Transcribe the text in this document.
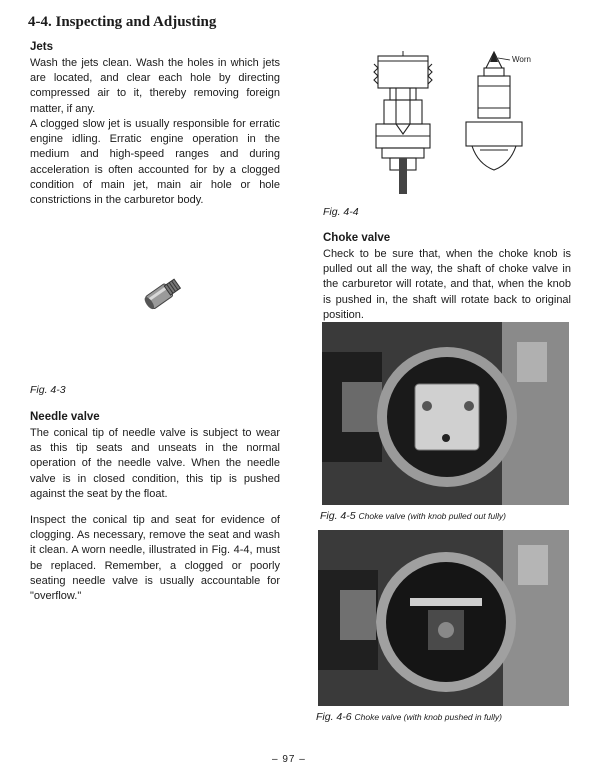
4-4. Inspecting and Adjusting
Jets
Wash the jets clean. Wash the holes in which jets are located, and clear each hole by directing compressed air to it, thereby removing foreign matter, if any.
A clogged slow jet is usually responsible for erratic engine idling. Erratic engine operation in the medium and high-speed ranges and during acceleration is often accounted for by a clogged condition of main jet, main air hole or hole constrictions in the carburetor body.
Fig. 4-3
Needle valve
The conical tip of needle valve is subject to wear as this tip seats and unseats in the normal operation of the needle valve. When the needle valve is in closed condition, this tip is pushed against the seat by the float.
Inspect the conical tip and seat for evidence of clogging. As necessary, remove the seat and wash it clean. A worn needle, illustrated in Fig. 4-4, must be replaced. Remember, a clogged or poorly seating needle valve is usually accountable for "overflow."
Worn
Fig. 4-4
Choke valve
Check to be sure that, when the choke knob is pulled out all the way, the shaft of choke valve in the carburetor will rotate, and that, when the knob is pushed in, the shaft will rotate back to original position.
Fig. 4-5 Choke valve (with knob pulled out fully)
Fig. 4-6 Choke valve (with knob pushed in fully)
– 97 –
